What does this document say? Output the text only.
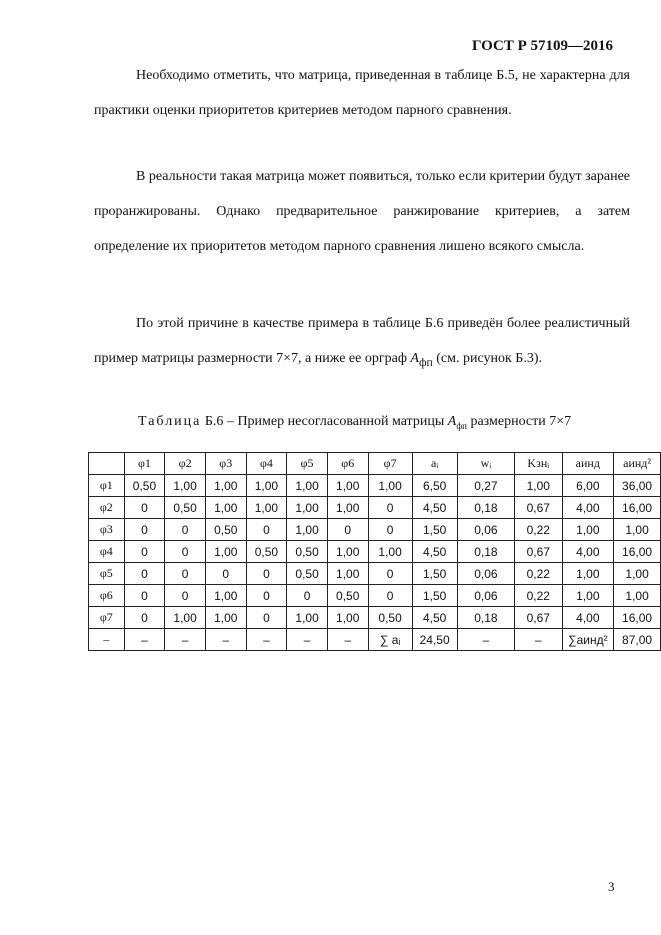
ГОСТ Р 57109—2016
Необходимо отметить, что матрица, приведенная в таблице Б.5, не характерна для практики оценки приоритетов критериев методом парного сравнения.
В реальности такая матрица может появиться, только если критерии будут заранее проранжированы. Однако предварительное ранжирование критериев, а затем определение их приоритетов методом парного сравнения лишено всякого смысла.
По этой причине в качестве примера в таблице Б.6 приведён более реалистичный пример матрицы размерности 7×7, а ниже ее орграф $A_{фп}$ (см. рисунок Б.3).
Таблица Б.6 – Пример несогласованной матрицы $A_{фп}$ размерности 7×7
	φ1	φ2	φ3	φ4	φ5	φ6	φ7	aᵢ	wᵢ	Kзнᵢ	aинд	aинд²
φ1	0,50	1,00	1,00	1,00	1,00	1,00	1,00	6,50	0,27	1,00	6,00	36,00
φ2	0	0,50	1,00	1,00	1,00	1,00	0	4,50	0,18	0,67	4,00	16,00
φ3	0	0	0,50	0	1,00	0	0	1,50	0,06	0,22	1,00	1,00
φ4	0	0	1,00	0,50	0,50	1,00	1,00	4,50	0,18	0,67	4,00	16,00
φ5	0	0	0	0	0,50	1,00	0	1,50	0,06	0,22	1,00	1,00
φ6	0	0	1,00	0	0	0,50	0	1,50	0,06	0,22	1,00	1,00
φ7	0	1,00	1,00	0	1,00	1,00	0,50	4,50	0,18	0,67	4,00	16,00
–	–	–	–	–	–	–	∑ aᵢ	24,50	–	–	∑aинд²	87,00
3
